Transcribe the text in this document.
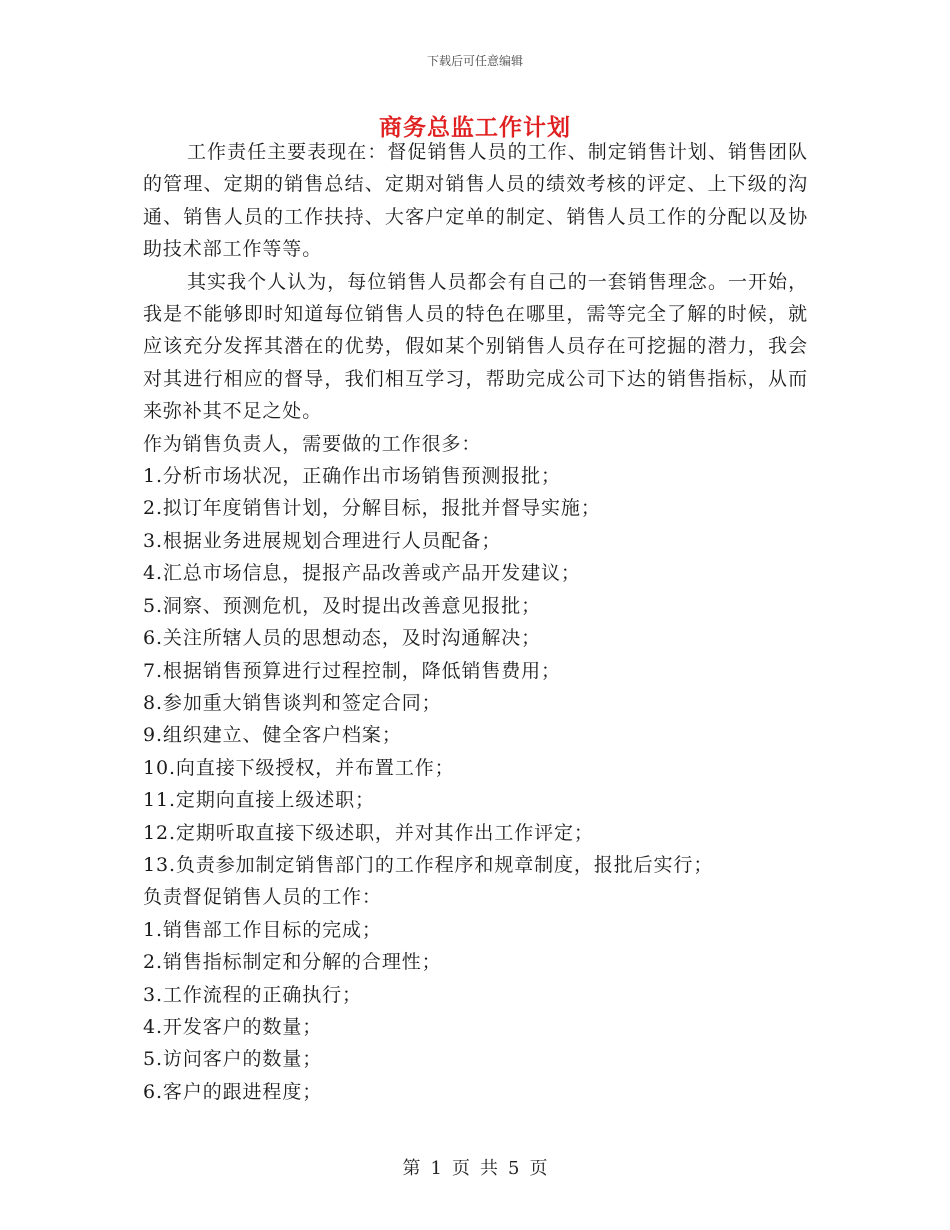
下载后可任意编辑
商务总监工作计划

工作责任主要表现在：督促销售人员的工作、制定销售计划、销售团队的管理、定期的销售总结、定期对销售人员的绩效考核的评定、上下级的沟通、销售人员的工作扶持、大客户定单的制定、销售人员工作的分配以及协助技术部工作等等。

其实我个人认为，每位销售人员都会有自己的一套销售理念。一开始，我是不能够即时知道每位销售人员的特色在哪里，需等完全了解的时候，就应该充分发挥其潜在的优势，假如某个别销售人员存在可挖掘的潜力，我会对其进行相应的督导，我们相互学习，帮助完成公司下达的销售指标，从而来弥补其不足之处。

作为销售负责人，需要做的工作很多：

1.分析市场状况，正确作出市场销售预测报批；

2.拟订年度销售计划，分解目标，报批并督导实施；

3.根据业务进展规划合理进行人员配备；

4.汇总市场信息，提报产品改善或产品开发建议；

5.洞察、预测危机，及时提出改善意见报批；

6.关注所辖人员的思想动态，及时沟通解决；

7.根据销售预算进行过程控制，降低销售费用；

8.参加重大销售谈判和签定合同；

9.组织建立、健全客户档案；

10.向直接下级授权，并布置工作；

11.定期向直接上级述职；

12.定期听取直接下级述职，并对其作出工作评定；

13.负责参加制定销售部门的工作程序和规章制度，报批后实行；

负责督促销售人员的工作：

1.销售部工作目标的完成；

2.销售指标制定和分解的合理性；

3.工作流程的正确执行；

4.开发客户的数量；

5.访问客户的数量；

6.客户的跟进程度；

第 1 页 共 5 页
